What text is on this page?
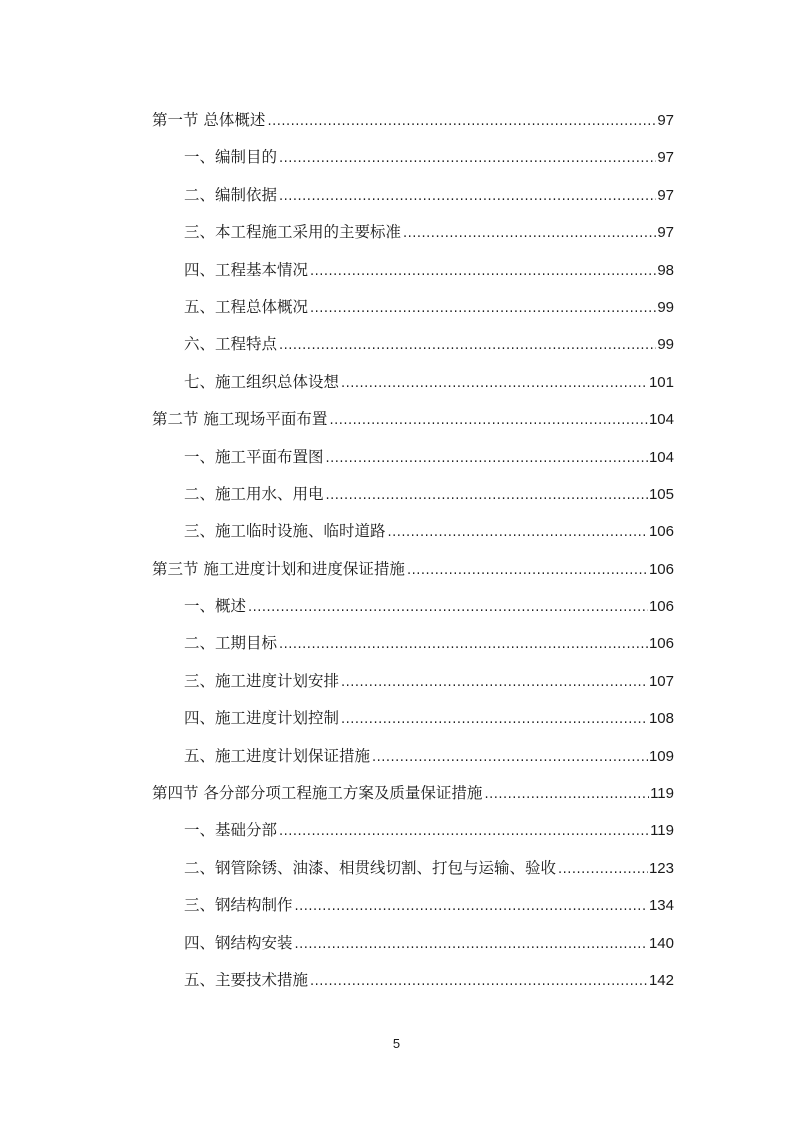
第一节 总体概述 .....	97
一、编制目的 .....	97
二、编制依据 .....	97
三、本工程施工采用的主要标准 .....	97
四、工程基本情况 .....	98
五、工程总体概况 .....	99
六、工程特点 .....	99
七、施工组织总体设想 .....	101
第二节 施工现场平面布置 .....	104
一、施工平面布置图 .....	104
二、施工用水、用电 .....	105
三、施工临时设施、临时道路 .....	106
第三节 施工进度计划和进度保证措施 .....	106
一、概述 .....	106
二、工期目标 .....	106
三、施工进度计划安排 .....	107
四、施工进度计划控制 .....	108
五、施工进度计划保证措施 .....	109
第四节 各分部分项工程施工方案及质量保证措施 .....	119
一、基础分部 .....	119
二、钢管除锈、油漆、相贯线切割、打包与运输、验收 .....	123
三、钢结构制作 .....	134
四、钢结构安装 .....	140
五、主要技术措施 .....	142
5
